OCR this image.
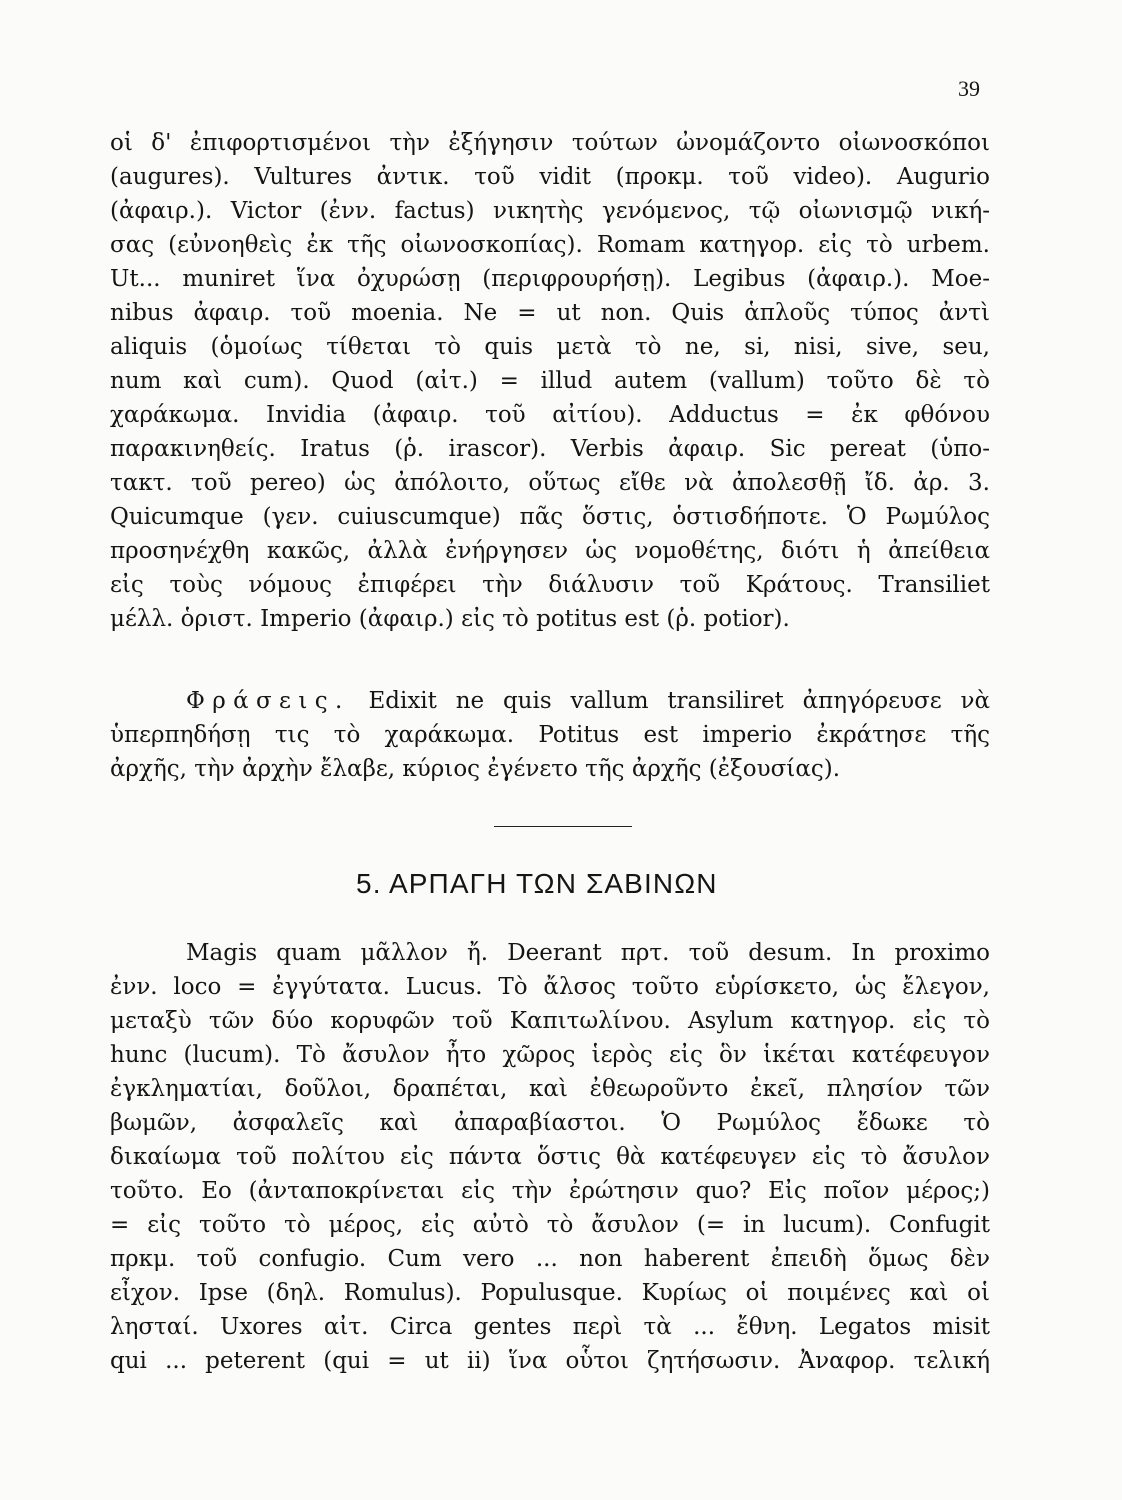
39
οἱ δ' ἐπιφορτισμένοι τὴν ἐξήγησιν τούτων ὠνομάζοντο οἰωνοσκόποι
(augures). Vultures ἀντικ. τοῦ vidit (προκμ. τοῦ video). Augurio
(ἀφαιρ.). Victor (ἐνν. factus) νικητὴς γενόμενος, τῷ οἰωνισμῷ νική-
σας (εὐνοηθεὶς ἐκ τῆς οἰωνοσκοπίας). Romam κατηγορ. εἰς τὸ urbem.
Ut... muniret ἵνα ὀχυρώσῃ (περιφρουρήσῃ). Legibus (ἀφαιρ.). Moe-
nibus ἀφαιρ. τοῦ moenia. Ne = ut non. Quis ἁπλοῦς τύπος ἀντὶ
aliquis (ὁμοίως τίθεται τὸ quis μετὰ τὸ ne, si, nisi, sive, seu,
num καὶ cum). Quod (αἰτ.) = illud autem (vallum) τοῦτο δὲ τὸ
χαράκωμα. Invidia (ἀφαιρ. τοῦ αἰτίου). Adductus = ἐκ φθόνου
παρακινηθείς. Iratus (ῥ. irascor). Verbis ἀφαιρ. Sic pereat (ὑπο-
τακτ. τοῦ pereo) ὡς ἀπόλοιτο, οὕτως εἴθε νὰ ἀπολεσθῇ ἴδ. ἀρ. 3.
Quicumque (γεν. cuiuscumque) πᾶς ὅστις, ὁστισδήποτε. Ὁ Ρωμύλος
προσηνέχθη κακῶς, ἀλλὰ ἐνήργησεν ὡς νομοθέτης, διότι ἡ ἀπείθεια
εἰς τοὺς νόμους ἐπιφέρει τὴν διάλυσιν τοῦ Κράτους. Transiliet
μέλλ. ὁριστ. Imperio (ἀφαιρ.) εἰς τὸ potitus est (ῥ. potior).
Φράσεις. Edixit ne quis vallum transiliret ἀπηγόρευσε νὰ
ὑπερπηδήσῃ τις τὸ χαράκωμα. Potitus est imperio ἐκράτησε τῆς
ἀρχῆς, τὴν ἀρχὴν ἔλαβε, κύριος ἐγένετο τῆς ἀρχῆς (ἐξουσίας).
5. ΑΡΠΑΓΗ ΤΩΝ ΣΑΒΙΝΩΝ
Magis quam μᾶλλον ἤ. Deerant πρτ. τοῦ desum. In proximo
ἐνν. loco = ἐγγύτατα. Lucus. Τὸ ἄλσος τοῦτο εὑρίσκετο, ὡς ἔλεγον,
μεταξὺ τῶν δύο κορυφῶν τοῦ Καπιτωλίνου. Asylum κατηγορ. εἰς τὸ
hunc (lucum). Τὸ ἄσυλον ἦτο χῶρος ἱερὸς εἰς ὃν ἱκέται κατέφευγον
ἐγκληματίαι, δοῦλοι, δραπέται, καὶ ἐθεωροῦντο ἐκεῖ, πλησίον τῶν
βωμῶν, ἀσφαλεῖς καὶ ἀπαραβίαστοι. Ὁ Ρωμύλος ἔδωκε τὸ
δικαίωμα τοῦ πολίτου εἰς πάντα ὅστις θὰ κατέφευγεν εἰς τὸ ἄσυλον
τοῦτο. Eo (ἀνταποκρίνεται εἰς τὴν ἐρώτησιν quo? Εἰς ποῖον μέρος;)
= εἰς τοῦτο τὸ μέρος, εἰς αὐτὸ τὸ ἄσυλον (= in lucum). Confugit
πρκμ. τοῦ confugio. Cum vero ... non haberent ἐπειδὴ ὅμως δὲν
εἶχον. Ipse (δηλ. Romulus). Populusque. Κυρίως οἱ ποιμένες καὶ οἱ
λησταί. Uxores αἰτ. Circa gentes περὶ τὰ ... ἔθνη. Legatos misit
qui ... peterent (qui = ut ii) ἵνα οὗτοι ζητήσωσιν. Ἀναφορ. τελική
